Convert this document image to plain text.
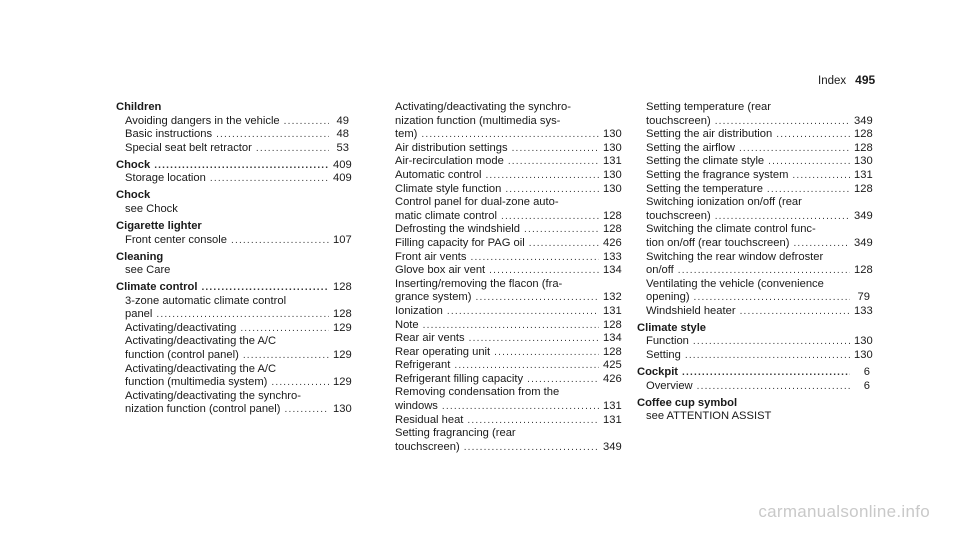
Index 495
Children
Avoiding dangers in the vehicle .....	49
Basic instructions .....	48
Special seat belt retractor .....	53
Chock .....	409
Storage location .....	409
Chock
see Chock
Cigarette lighter
Front center console .....	107
Cleaning
see Care
Climate control .....	128
3-zone automatic climate control
panel .....	128
Activating/deactivating .....	129
Activating/deactivating the A/C
function (control panel) .....	129
Activating/deactivating the A/C
function (multimedia system) .....	129
Activating/deactivating the synchro-
nization function (control panel) .....	130
Activating/deactivating the synchro-
nization function (multimedia sys-
tem) .....	130
Air distribution settings .....	130
Air-recirculation mode .....	131
Automatic control .....	130
Climate style function .....	130
Control panel for dual-zone auto-
matic climate control .....	128
Defrosting the windshield .....	128
Filling capacity for PAG oil .....	426
Front air vents .....	133
Glove box air vent .....	134
Inserting/removing the flacon (fra-
grance system) .....	132
Ionization .....	131
Note .....	128
Rear air vents .....	134
Rear operating unit .....	128
Refrigerant .....	425
Refrigerant filling capacity .....	426
Removing condensation from the
windows .....	131
Residual heat .....	131
Setting fragrancing (rear
touchscreen) .....	349
Setting temperature (rear
touchscreen) .....	349
Setting the air distribution .....	128
Setting the airflow .....	128
Setting the climate style .....	130
Setting the fragrance system .....	131
Setting the temperature .....	128
Switching ionization on/off (rear
touchscreen) .....	349
Switching the climate control func-
tion on/off (rear touchscreen) .....	349
Switching the rear window defroster
on/off .....	128
Ventilating the vehicle (convenience
opening) .....	79
Windshield heater .....	133
Climate style
Function .....	130
Setting .....	130
Cockpit .....	6
Overview .....	6
Coffee cup symbol
see ATTENTION ASSIST
carmanualsonline.info
